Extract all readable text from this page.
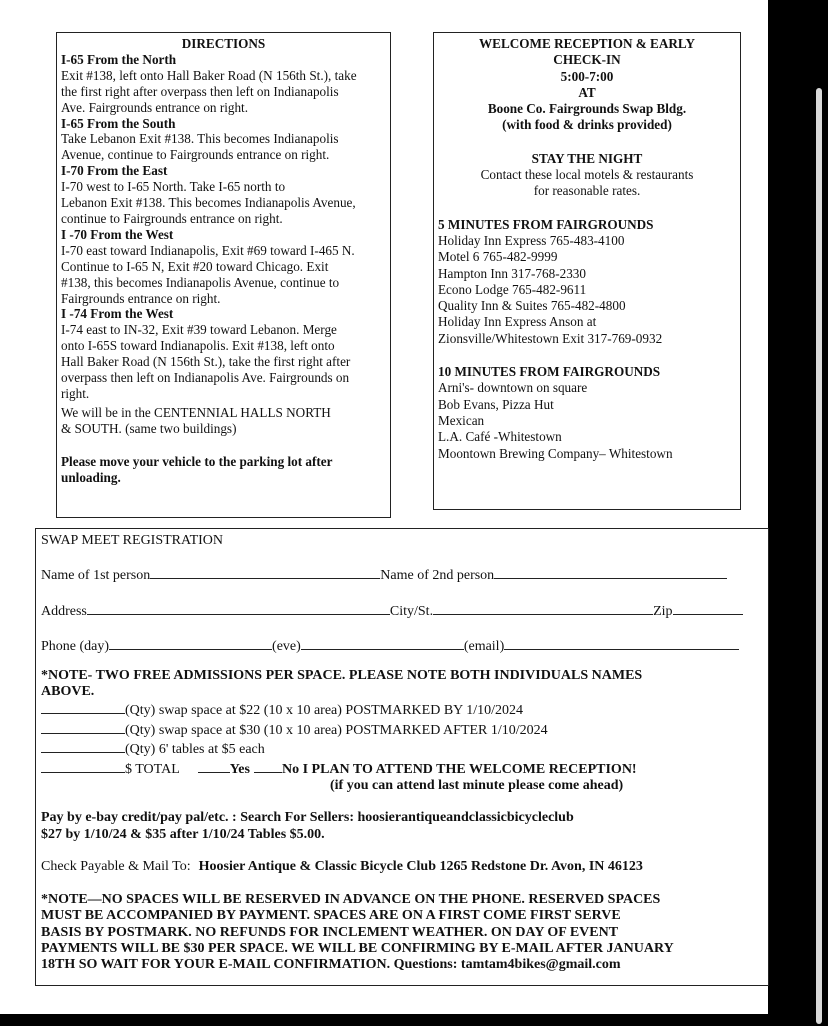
DIRECTIONS
I-65 From the North
Exit #138, left onto Hall Baker Road (N 156th St.), take
the first right after overpass then left on Indianapolis
Ave. Fairgrounds entrance on right.
I-65 From the South
Take Lebanon Exit #138. This becomes Indianapolis
Avenue, continue to Fairgrounds entrance on right.
I-70 From the East
I-70 west to I-65 North. Take I-65 north to
Lebanon Exit #138. This becomes Indianapolis Avenue,
continue to Fairgrounds entrance on right.
I -70 From the West
I-70 east toward Indianapolis, Exit #69 toward I-465 N.
Continue to I-65 N, Exit #20 toward Chicago. Exit
#138, this becomes Indianapolis Avenue, continue to
Fairgrounds entrance on right.
I -74 From the West
I-74 east to IN-32, Exit #39 toward Lebanon. Merge
onto I-65S toward Indianapolis. Exit #138, left onto
Hall Baker Road (N 156th St.), take the first right after
overpass then left on Indianapolis Ave. Fairgrounds on
right.
We will be in the CENTENNIAL HALLS NORTH
& SOUTH. (same two buildings)
Please move your vehicle to the parking lot after
unloading.
WELCOME RECEPTION & EARLY
CHECK-IN
5:00-7:00
AT
Boone Co. Fairgrounds Swap Bldg.
(with food & drinks provided)
STAY THE NIGHT
Contact these local motels & restaurants
for reasonable rates.
5 MINUTES FROM FAIRGROUNDS
Holiday Inn Express 765-483-4100
Motel 6 765-482-9999
Hampton Inn 317-768-2330
Econo Lodge 765-482-9611
Quality Inn & Suites 765-482-4800
Holiday Inn Express Anson at
Zionsville/Whitestown Exit 317-769-0932
10 MINUTES FROM FAIRGROUNDS
Arni's- downtown on square
Bob Evans, Pizza Hut
Mexican
L.A. Café -Whitestown
Moontown Brewing Company– Whitestown
SWAP MEET REGISTRATION
Name of 1st person	Name of 2nd person
Address	City/St.	Zip
Phone (day)	(eve)	(email)
*NOTE- TWO FREE ADMISSIONS PER SPACE. PLEASE NOTE BOTH INDIVIDUALS NAMES
ABOVE.
(Qty) swap space at $22 (10 x 10 area) POSTMARKED BY 1/10/2024
(Qty) swap space at $30 (10 x 10 area) POSTMARKED AFTER 1/10/2024
(Qty) 6' tables at $5 each
$ TOTAL	Yes No I PLAN TO ATTEND THE WELCOME RECEPTION!
(if you can attend last minute please come ahead)
Pay by e-bay credit/pay pal/etc. : Search For Sellers: hoosierantiqueandclassicbicycleclub
$27 by 1/10/24 & $35 after 1/10/24 Tables $5.00.
Check Payable & Mail To: Hoosier Antique & Classic Bicycle Club 1265 Redstone Dr. Avon, IN 46123
*NOTE—NO SPACES WILL BE RESERVED IN ADVANCE ON THE PHONE. RESERVED SPACES
MUST BE ACCOMPANIED BY PAYMENT. SPACES ARE ON A FIRST COME FIRST SERVE
BASIS BY POSTMARK. NO REFUNDS FOR INCLEMENT WEATHER. ON DAY OF EVENT
PAYMENTS WILL BE $30 PER SPACE. WE WILL BE CONFIRMING BY E-MAIL AFTER JANUARY
18TH SO WAIT FOR YOUR E-MAIL CONFIRMATION. Questions: tamtam4bikes@gmail.com
